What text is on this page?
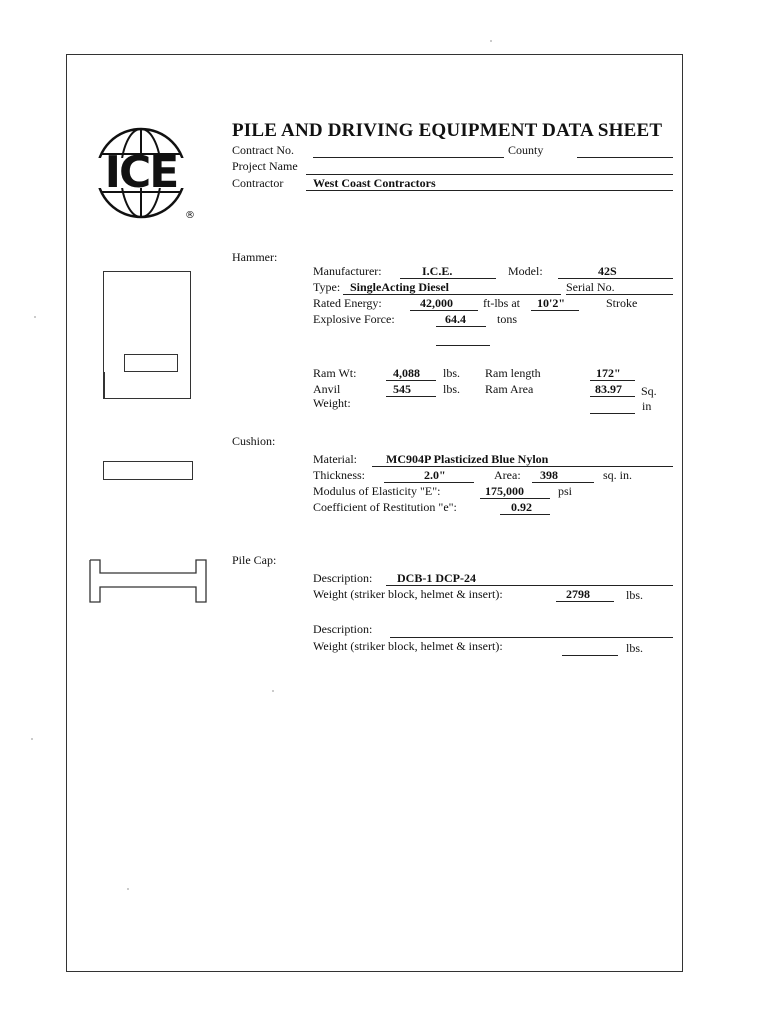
ICE
®
PILE AND DRIVING EQUIPMENT DATA SHEET
Contract No.	County
Project Name
Contractor West Coast Contractors
Hammer:
Manufacturer:	I.C.E.	Model:	42S
Type: SingleActing Diesel	Serial No.
Rated Energy:	42,000	ft-lbs at 10'2"	Stroke
Explosive Force:	64.4	tons
Ram Wt:	4,088 lbs. Ram length	172"
Anvil
Weight:
545	lbs. Ram Area	83.97 Sq.
in
Cushion:
Material: MC904P Plasticized Blue Nylon
Thickness:	2.0"	Area: 398	sq. in.
Modulus of Elasticity "E":	175,000	psi
Coefficient of Restitution "e":	0.92
Pile Cap:
Description: DCB-1 DCP-24
Weight (striker block, helmet & insert):	2798	lbs.
Description:
Weight (striker block, helmet & insert):	lbs.
